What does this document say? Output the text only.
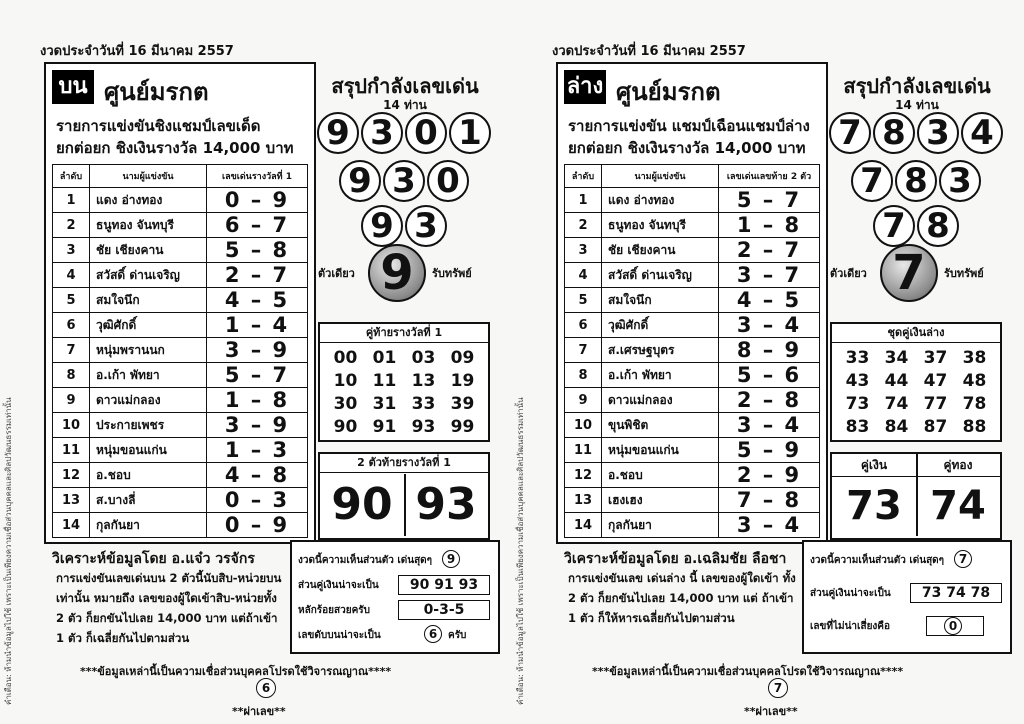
งวดประจำวันที่ 16 มีนาคม 2557
คำเตือน: ห้ามนำข้อมูลไปใช้ เพราะเป็นเพียงความเชื่อส่วนบุคคลและศิลปวัฒนธรรมเท่านั้น
บน ศูนย์มรกต
รายการแข่งขันชิงแชมป์เลขเด็ด
ยกต่อยก ชิงเงินรางวัล 14,000 บาท
ลำดับ	นามผู้แข่งขัน	เลขเด่นรางวัลที่ 1
1	แดง อ่างทอง	0 – 9
2	ธนูทอง จันทบุรี	6 – 7
3	ชัย เชียงคาน	5 – 8
4	สวัสดิ์ ด่านเจริญ	2 – 7
5	สมใจนึก	4 – 5
6	วุฒิศักดิ์	1 – 4
7	หนุ่มพรานนก	3 – 9
8	อ.เก้า พัทยา	5 – 7
9	ดาวแม่กลอง	1 – 8
10	ประกายเพชร	3 – 9
11	หนุ่มขอนแก่น	1 – 3
12	อ.ชอบ	4 – 8
13	ส.บางลี่	0 – 3
14	กุลกันยา	0 – 9
สรุปกำลังเลขเด่น
14 ท่าน
9 3 0 1
9 3 0
9 3
ตัวเดียว 9	รับทรัพย์
คู่ท้ายรางวัลที่ 1
00 01 03 09
10 11 13 19
30 31 33 39
90 91 93 99
2 ตัวท้ายรางวัลที่ 1
90 93
วิเคราะห์ข้อมูลโดย อ.แจ๋ว วรจักร
การแข่งขันเลขเด่นบน 2 ตัวนี้นับสิบ-หน่วยบน เท่านั้น หมายถึง เลขของผู้ใดเข้าสิบ-หน่วยทั้ง 2 ตัว ก็ยกขันไปเลย 14,000 บาท แต่ถ้าเข้า 1 ตัว ก็เฉลี่ยกันไปตามส่วน
งวดนี้ความเห็นส่วนตัว เด่นสุดๆ	9
ส่วนคู่เงินน่าจะเป็น	90 91 93
หลักร้อยสวยครับ	0-3-5
เลขดับบนน่าจะเป็น	6	ครับ
***ข้อมูลเหล่านี้เป็นความเชื่อส่วนบุคคลโปรดใช้วิจารณญาณ****
6
**ผ่าเลข**
งวดประจำวันที่ 16 มีนาคม 2557
คำเตือน: ห้ามนำข้อมูลไปใช้ เพราะเป็นเพียงความเชื่อส่วนบุคคลและศิลปวัฒนธรรมเท่านั้น
ล่าง ศูนย์มรกต
รายการแข่งขัน แชมป์เฉือนแชมป์ล่าง
ยกต่อยก ชิงเงินรางวัล 14,000 บาท
ลำดับ	นามผู้แข่งขัน	เลขเด่นเลขท้าย 2 ตัว
1	แดง อ่างทอง	5 – 7
2	ธนูทอง จันทบุรี	1 – 8
3	ชัย เชียงคาน	2 – 7
4	สวัสดิ์ ด่านเจริญ	3 – 7
5	สมใจนึก	4 – 5
6	วุฒิศักดิ์	3 – 4
7	ส.เศรษฐบุตร	8 – 9
8	อ.เก้า พัทยา	5 – 6
9	ดาวแม่กลอง	2 – 8
10	ขุนพิชิต	3 – 4
11	หนุ่มขอนแก่น	5 – 9
12	อ.ชอบ	2 – 9
13	เฮงเฮง	7 – 8
14	กุลกันยา	3 – 4
สรุปกำลังเลขเด่น
14 ท่าน
7 8 3 4
7 8 3
7 8
ตัวเดียว 7	รับทรัพย์
ชุดคู่เงินล่าง
33 34 37 38
43 44 47 48
73 74 77 78
83 84 87 88
คู่เงิน
73
คู่ทอง
74
วิเคราะห์ข้อมูลโดย อ.เฉลิมชัย ลือชา
การแข่งขันเลข เด่นล่าง นี้ เลขของผู้ใดเข้า ทั้ง 2 ตัว ก็ยกขันไปเลย 14,000 บาท แต่ ถ้าเข้า 1 ตัว ก็ให้หารเฉลี่ยกันไปตามส่วน
งวดนี้ความเห็นส่วนตัว เด่นสุดๆ	7
ส่วนคู่เงินน่าจะเป็น	73 74 78
เลขที่ไม่น่าเสี่ยงคือ	0
***ข้อมูลเหล่านี้เป็นความเชื่อส่วนบุคคลโปรดใช้วิจารณญาณ****
7
**ผ่าเลข**
